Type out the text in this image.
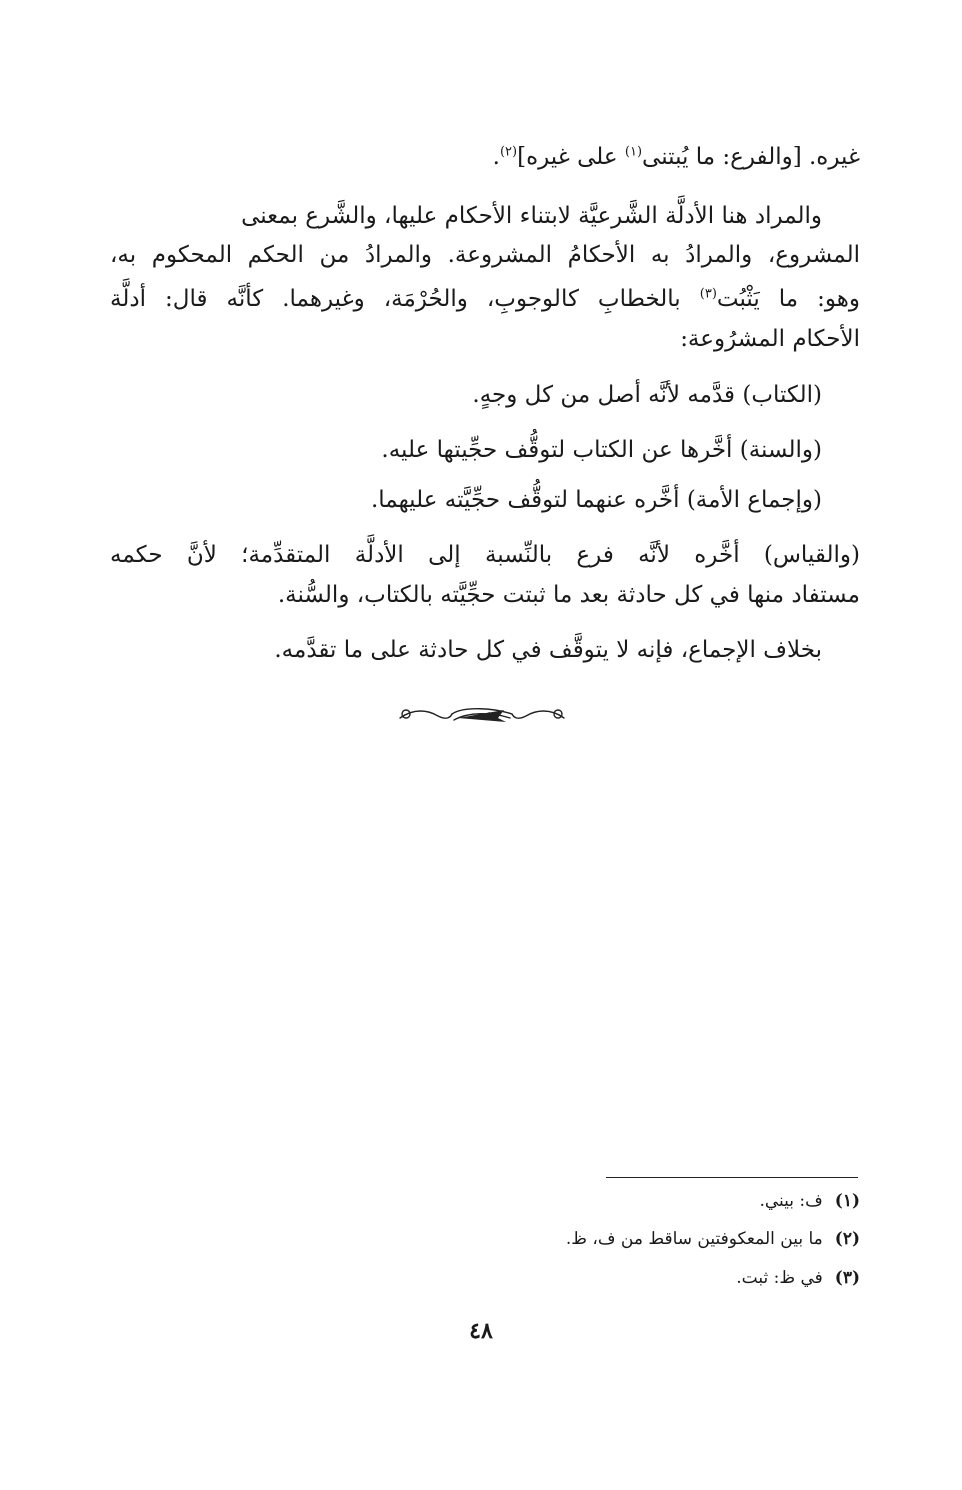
غيره. [والفرع: ما يُبتنى$^{(١)}$ على غيره]$^{(٢)}$.
والمراد هنا الأدلَّة الشَّرعيَّة لابتناء الأحكام عليها، والشَّرع بمعنى
المشروع، والمرادُ به الأحكامُ المشروعة. والمرادُ من الحكم المحكوم به،
وهو: ما يَثْبُت$^{(٣)}$ بالخطابِ كالوجوبِ، والحُرْمَة، وغيرهما. كأنَّه قال: أدلَّة
الأحكام المشرُوعة:
(الكتاب) قدَّمه لأنَّه أصل من كل وجهٍ.
(والسنة) أخَّرها عن الكتاب لتوقُّف حجِّيتها عليه.
(وإجماع الأمة) أخَّره عنهما لتوقُّف حجِّيَّته عليهما.
(والقياس) أخَّره لأنَّه فرع بالنِّسبة إلى الأدلَّة المتقدِّمة؛ لأنَّ حكمه
مستفاد منها في كل حادثة بعد ما ثبتت حجِّيَّته بالكتاب، والسُّنة.
بخلاف الإجماع، فإنه لا يتوقَّف في كل حادثة على ما تقدَّمه.
(١)ف: بيني.
(٢)ما بين المعكوفتين ساقط من ف، ظ.
(٣)في ظ: ثبت.
٤٨
